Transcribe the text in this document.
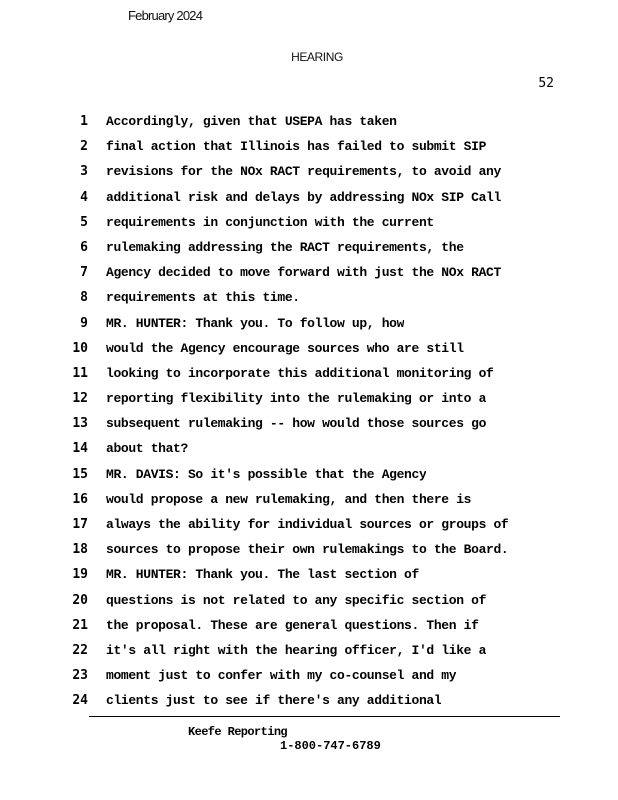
February 2024
HEARING
52
1 Accordingly, given that USEPA has taken
2 final action that Illinois has failed to submit SIP
3 revisions for the NOx RACT requirements, to avoid any
4 additional risk and delays by addressing NOx SIP Call
5 requirements in conjunction with the current
6 rulemaking addressing the RACT requirements, the
7 Agency decided to move forward with just the NOx RACT
8 requirements at this time.
9 MR. HUNTER: Thank you. To follow up, how
10 would the Agency encourage sources who are still
11 looking to incorporate this additional monitoring of
12 reporting flexibility into the rulemaking or into a
13 subsequent rulemaking -- how would those sources go
14 about that?
15 MR. DAVIS: So it's possible that the Agency
16 would propose a new rulemaking, and then there is
17 always the ability for individual sources or groups of
18 sources to propose their own rulemakings to the Board.
19 MR. HUNTER: Thank you. The last section of
20 questions is not related to any specific section of
21 the proposal. These are general questions. Then if
22 it's all right with the hearing officer, I'd like a
23 moment just to confer with my co-counsel and my
24 clients just to see if there's any additional
Keefe Reporting
1-800-747-6789
